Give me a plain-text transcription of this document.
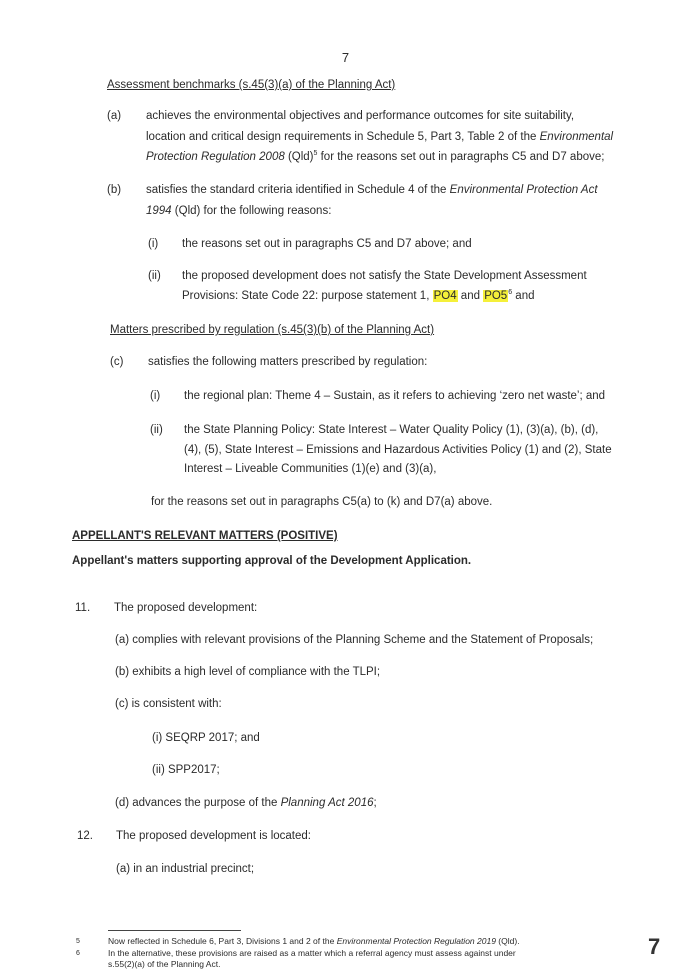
7
Assessment benchmarks (s.45(3)(a) of the Planning Act)
(a) achieves the environmental objectives and performance outcomes for site suitability,
location and critical design requirements in Schedule 5, Part 3, Table 2 of the Environmental
Protection Regulation 2008 (Qld)$^5$ for the reasons set out in paragraphs C5 and D7 above;
(b) satisfies the standard criteria identified in Schedule 4 of the Environmental Protection Act
1994 (Qld) for the following reasons:
(i) the reasons set out in paragraphs C5 and D7 above; and
(ii) the proposed development does not satisfy the State Development Assessment
Provisions: State Code 22: purpose statement 1, PO4 and $PO5^6$ and
Matters prescribed by regulation (s.45(3)(b) of the Planning Act)
(c) satisfies the following matters prescribed by regulation:
(i) the regional plan: Theme 4 – Sustain, as it refers to achieving ‘zero net waste’; and
(ii) the State Planning Policy: State Interest – Water Quality Policy (1), (3)(a), (b), (d),
(4), (5), State Interest – Emissions and Hazardous Activities Policy (1) and (2), State
Interest – Liveable Communities (1)(e) and (3)(a),
for the reasons set out in paragraphs C5(a) to (k) and D7(a) above.
APPELLANT'S RELEVANT MATTERS (POSITIVE)
Appellant's matters supporting approval of the Development Application.
11. The proposed development:
(a) complies with relevant provisions of the Planning Scheme and the Statement of Proposals;
(b) exhibits a high level of compliance with the TLPI;
(c) is consistent with:
(i) SEQRP 2017; and
(ii) SPP2017;
(d) advances the purpose of the Planning Act 2016;
12. The proposed development is located:
(a) in an industrial precinct;
5	Now reflected in Schedule 6, Part 3, Divisions 1 and 2 of the Environmental Protection Regulation 2019 (Qld).
6	In the alternative, these provisions are raised as a matter which a referral agency must assess against under
s.55(2)(a) of the Planning Act.
7
